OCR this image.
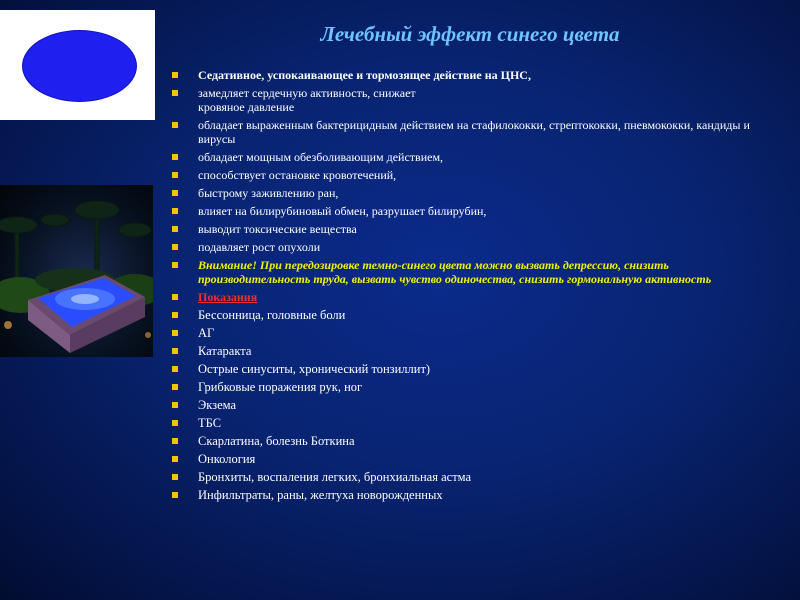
Лечебный эффект синего цвета
Седативное, успокаивающее и тормозящее действие на ЦНС,
замедляет сердечную активность, снижает
кровяное давление
обладает выраженным бактерицидным действием на стафилококки, стрептококки, пневмококки, кандиды и вирусы
обладает мощным обезболивающим действием,
способствует остановке кровотечений,
быстрому заживлению ран,
влияет на билирубиновый обмен, разрушает билирубин,
выводит токсические вещества
подавляет рост опухоли
Внимание! При передозировке темно-синего цвета можно вызвать депрессию, снизить производительность труда, вызвать чувство одиночества, снизить гормональную активность
Показания
Бессонница, головные боли
АГ
Катаракта
Острые синуситы, хронический тонзиллит)
Грибковые поражения рук, ног
Экзема
ТБС
Скарлатина, болезнь Боткина
Онкология
Бронхиты, воспаления легких, бронхиальная астма
Инфильтраты, раны, желтуха новорожденных
